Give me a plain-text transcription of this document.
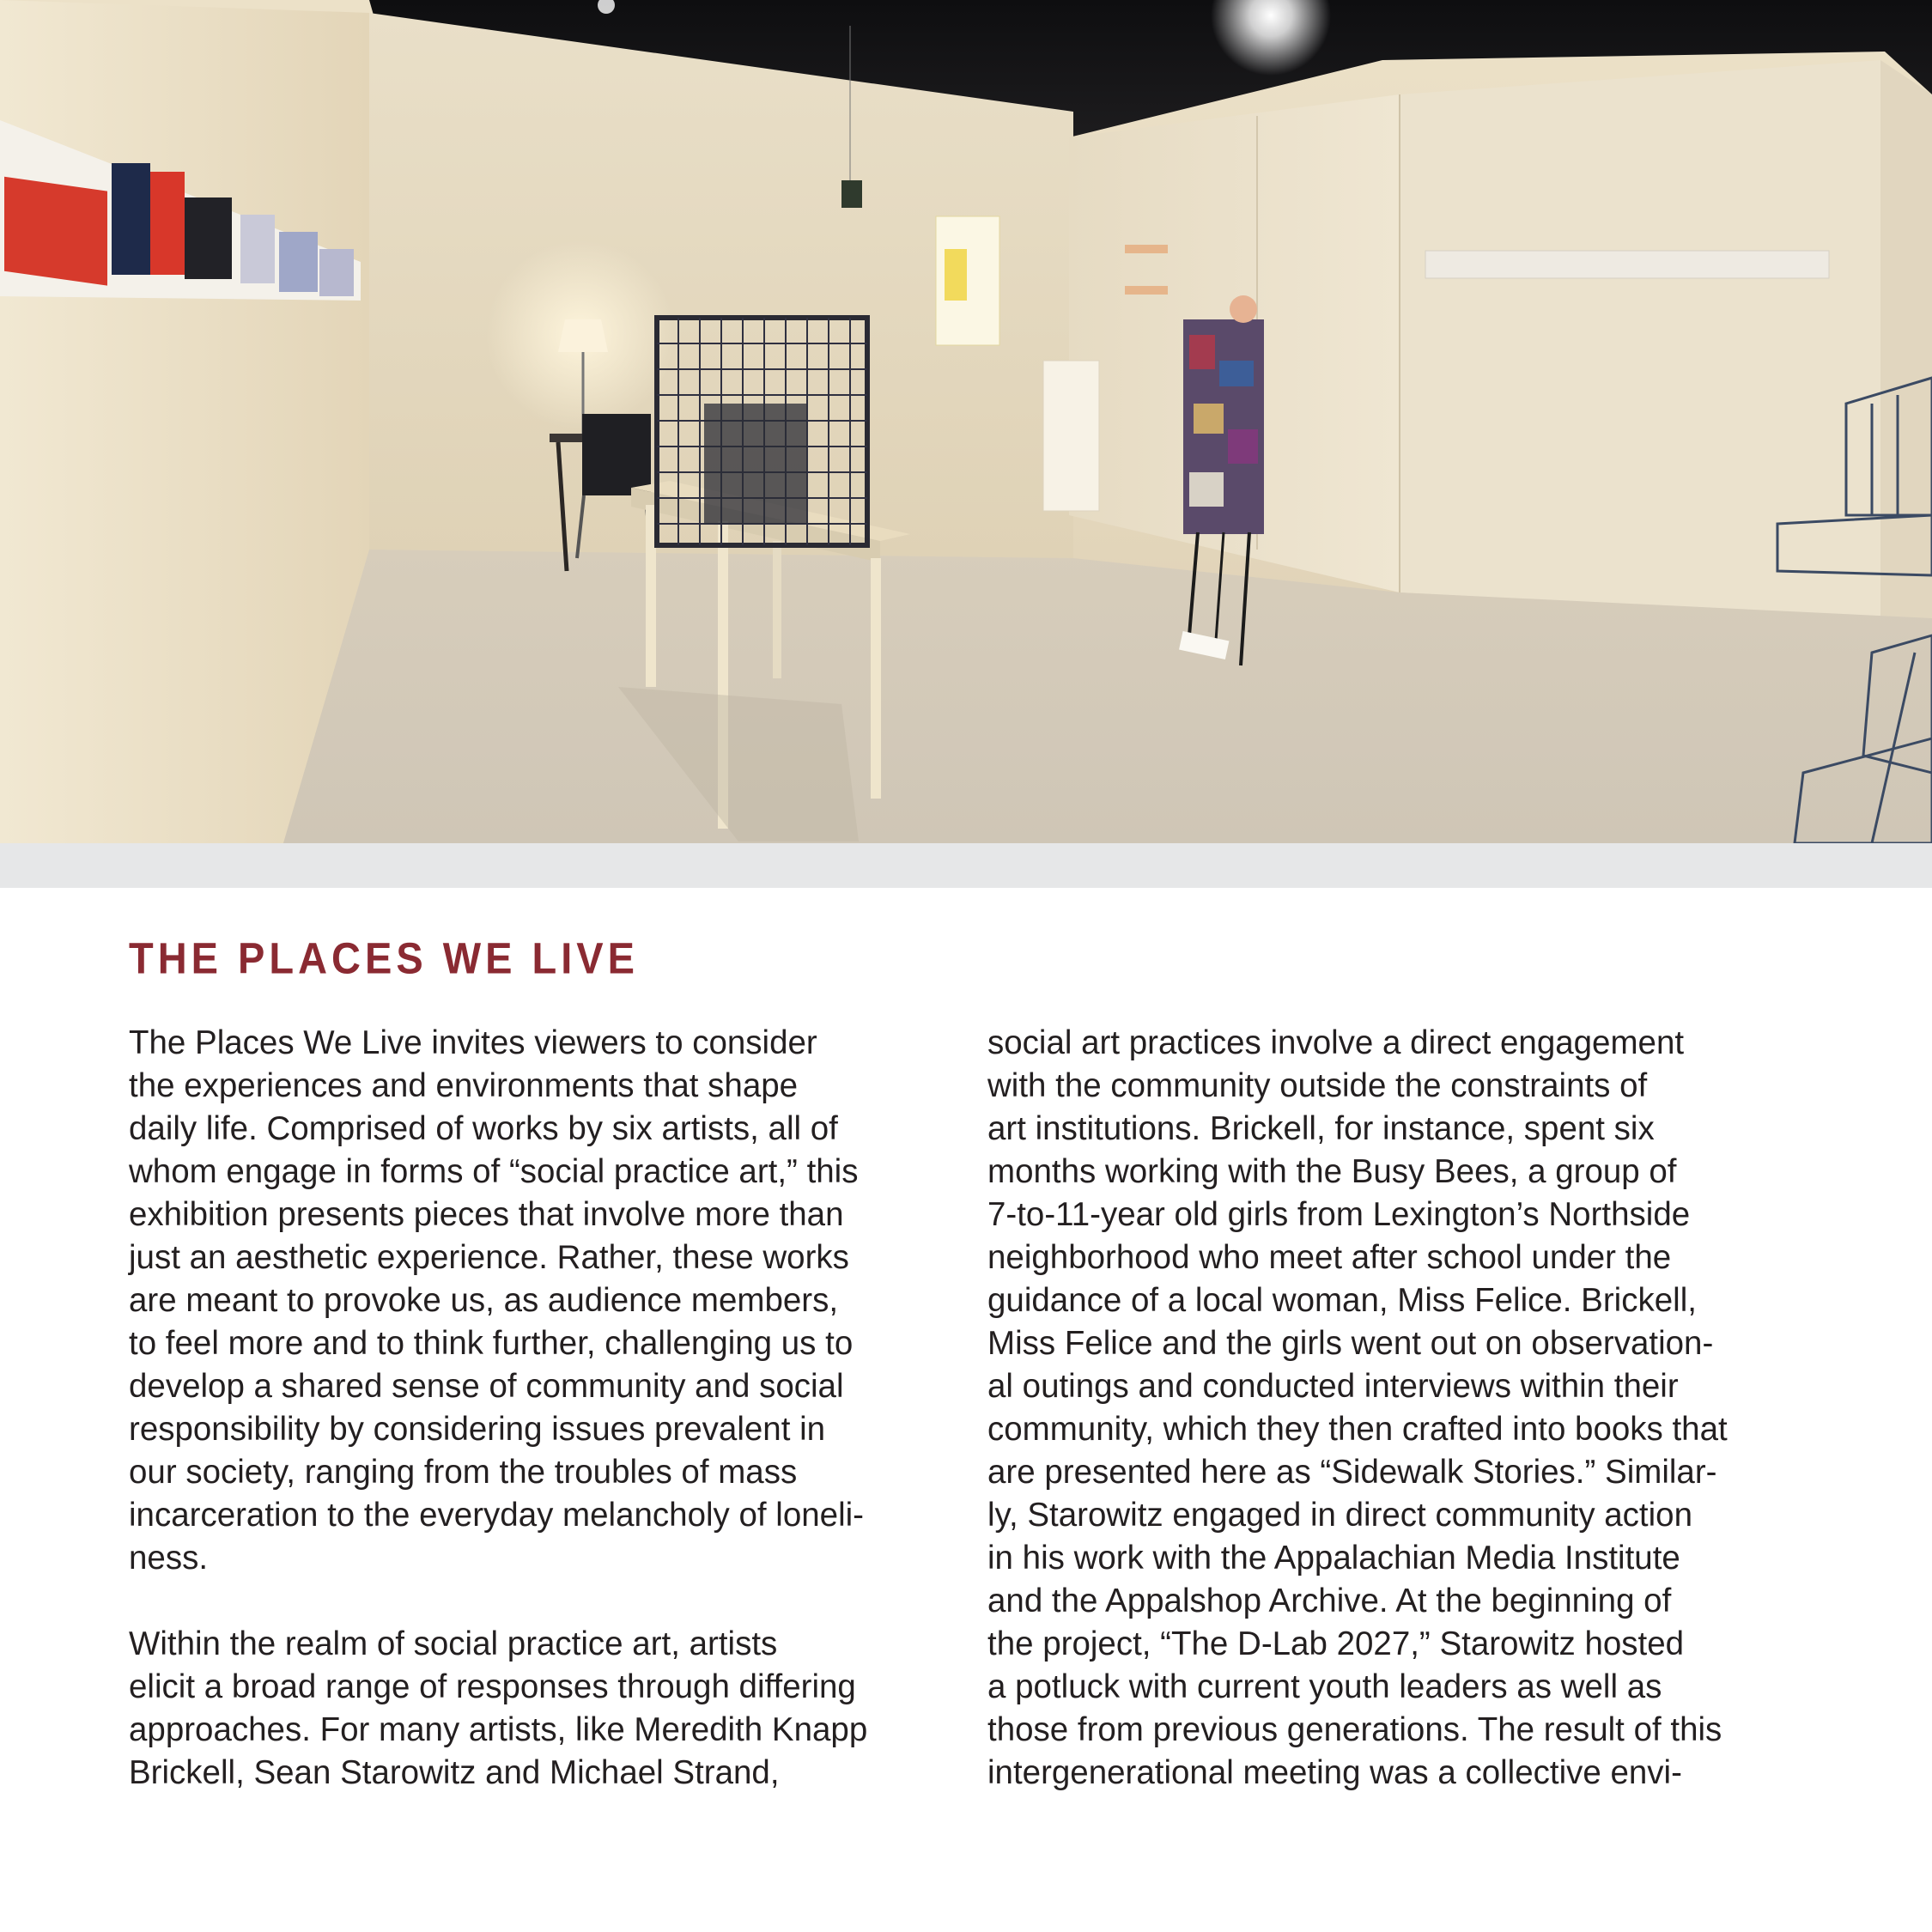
THE PLACES WE LIVE
The Places We Live invites viewers to consider
the experiences and environments that shape
daily life. Comprised of works by six artists, all of
whom engage in forms of “social practice art,” this
exhibition presents pieces that involve more than
just an aesthetic experience. Rather, these works
are meant to provoke us, as audience members,
to feel more and to think further, challenging us to
develop a shared sense of community and social
responsibility by considering issues prevalent in
our society, ranging from the troubles of mass
incarceration to the everyday melancholy of loneli-
ness.
Within the realm of social practice art, artists
elicit a broad range of responses through differing
approaches. For many artists, like Meredith Knapp
Brickell, Sean Starowitz and Michael Strand,
social art practices involve a direct engagement
with the community outside the constraints of
art institutions. Brickell, for instance, spent six
months working with the Busy Bees, a group of
7-to-11-year old girls from Lexington’s Northside
neighborhood who meet after school under the
guidance of a local woman, Miss Felice. Brickell,
Miss Felice and the girls went out on observation-
al outings and conducted interviews within their
community, which they then crafted into books that
are presented here as “Sidewalk Stories.” Similar-
ly, Starowitz engaged in direct community action
in his work with the Appalachian Media Institute
and the Appalshop Archive. At the beginning of
the project, “The D-Lab 2027,” Starowitz hosted
a potluck with current youth leaders as well as
those from previous generations. The result of this
intergenerational meeting was a collective envi-
